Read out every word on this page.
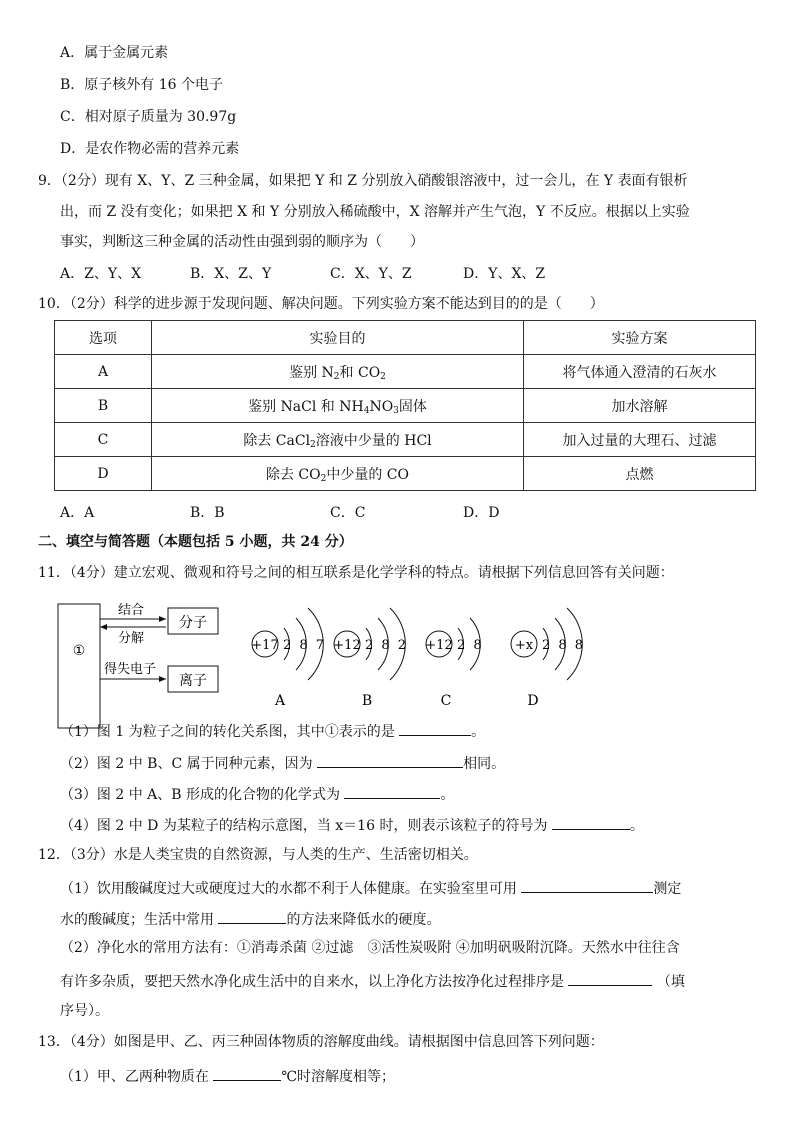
A．属于金属元素
B．原子核外有 16 个电子
C．相对原子质量为 30.97g
D．是农作物必需的营养元素
9．（2分）现有 X、Y、Z 三种金属，如果把 Y 和 Z 分别放入硝酸银溶液中，过一会儿，在 Y 表面有银析
出，而 Z 没有变化；如果把 X 和 Y 分别放入稀硫酸中，X 溶解并产生气泡，Y 不反应。根据以上实验
事实，判断这三种金属的活动性由强到弱的顺序为（　　）
A．Z、Y、X	B．X、Z、Y	C．X、Y、Z	D．Y、X、Z
10．（2分）科学的进步源于发现问题、解决问题。下列实验方案不能达到目的的是（　　）
选项	实验目的	实验方案
A	鉴别 $N_2$和 $CO_2$	将气体通入澄清的石灰水
B	鉴别 NaCl 和 $NH_4NO_3$固体	加水溶解
C	除去 CaCl$_2$溶液中少量的 HCl	加入过量的大理石、过滤
D	除去 $CO_2$中少量的 CO	点燃
A．A	B．B	C．C	D．D
二、填空与简答题（本题包括 5 小题，共 24 分）
11．（4分）建立宏观、微观和符号之间的相互联系是化学学科的特点。请根据下列信息回答有关问题：
①
分子
离子
结合
分解
得失电子
+17 2 8 7
A
+12 2 8 2
B
+12 2 8
C
+x 2 8 8
D
（1）图 1 为粒子之间的转化关系图，其中①表示的是	。
（2）图 2 中 B、C 属于同种元素，因为	相同。
（3）图 2 中 A、B 形成的化合物的化学式为	。
（4）图 2 中 D 为某粒子的结构示意图，当 x＝16 时，则表示该粒子的符号为	。
12．（3分）水是人类宝贵的自然资源，与人类的生产、生活密切相关。
（1）饮用酸碱度过大或硬度过大的水都不利于人体健康。在实验室里可用	测定
水的酸碱度；生活中常用	的方法来降低水的硬度。
（2）净化水的常用方法有：①消毒杀菌 ②过滤　③活性炭吸附 ④加明矾吸附沉降。天然水中往往含
有许多杂质，要把天然水净化成生活中的自来水，以上净化方法按净化过程排序是	（填
序号）。
13．（4分）如图是甲、乙、丙三种固体物质的溶解度曲线。请根据图中信息回答下列问题：
（1）甲、乙两种物质在	℃时溶解度相等；
